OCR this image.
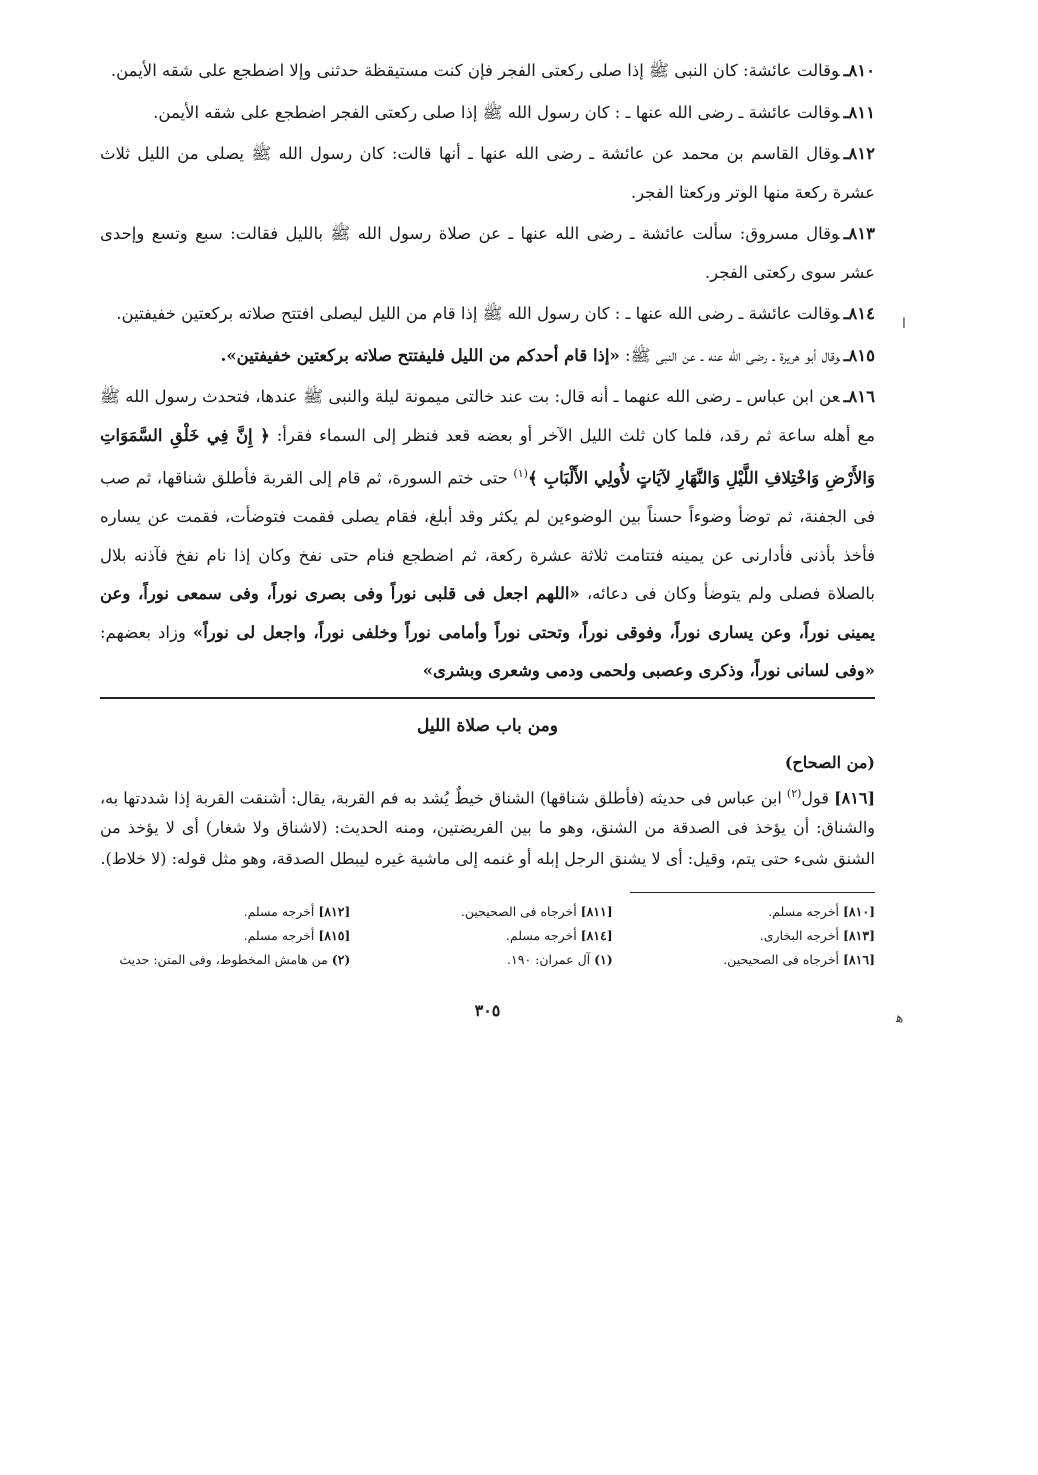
٨١٠ـوقالت عائشة: كان النبى ﷺ إذا صلى ركعتى الفجر فإن كنت مستيقظة حدثنى وإلا اضطجع على شقه الأيمن.

٨١١ـوقالت عائشة ـ رضى الله عنها ـ : كان رسول الله ﷺ إذا صلى ركعتى الفجر اضطجع على شقه الأيمن.

٨١٢ـوقال القاسم بن محمد عن عائشة ـ رضى الله عنها ـ أنها قالت: كان رسول الله ﷺ يصلى من الليل ثلاث عشرة ركعة منها الوتر وركعتا الفجر.

٨١٣ـوقال مسروق: سألت عائشة ـ رضى الله عنها ـ عن صلاة رسول الله ﷺ بالليل فقالت: سبع وتسع وإحدى عشر سوى ركعتى الفجر.

٨١٤ـوقالت عائشة ـ رضى الله عنها ـ : كان رسول الله ﷺ إذا قام من الليل ليصلى افتتح صلاته بركعتين خفيفتين.

٨١٥ـوقال أبو هريرة ـ رضى الله عنه ـ عن النبى ﷺ: «إذا قام أحدكم من الليل فليفتتح صلاته بركعتين خفيفتين».

٨١٦ـعن ابن عباس ـ رضى الله عنهما ـ أنه قال: بت عند خالتى ميمونة ليلة والنبى ﷺ عندها، فتحدث رسول الله ﷺ مع أهله ساعة ثم رقد، فلما كان ثلث الليل الآخر أو بعضه قعد فنظر إلى السماء فقرأ: ﴿ إِنَّ فِي خَلْقِ السَّمَوَاتِ وَالأَرْضِ وَاخْتِلافِ اللَّيْلِ وَالنَّهَارِ لآيَاتٍ لأُولِي الأَلْبَابِ ﴾$^{(١)}$ حتى ختم السورة، ثم قام إلى القربة فأطلق شناقها، ثم صب فى الجفنة، ثم توضأ وضوءاً حسناً بين الوضوءين لم يكثر وقد أبلغ، فقام يصلى فقمت فتوضأت، فقمت عن يساره فأخذ بأذنى فأدارنى عن يمينه فتتامت ثلاثة عشرة ركعة، ثم اضطجع فنام حتى نفخ وكان إذا نام نفخ فآذنه بلال بالصلاة فصلى ولم يتوضأ وكان فى دعائه، «اللهم اجعل فى قلبى نوراً وفى بصرى نوراً، وفى سمعى نوراً، وعن يمينى نوراً، وعن يسارى نوراً، وفوقى نوراً، وتحتى نوراً وأمامى نوراً وخلفى نوراً، واجعل لى نوراً» وزاد بعضهم: «وفى لسانى نوراً، وذكرى وعصبى ولحمى ودمى وشعرى وبشرى»

ومن باب صلاة الليل
(من الصحاح)

[٨١٦] قول$^{(٢)}$ ابن عباس فى حديثه (فأطلق شناقها) الشناق خيطٌ يُشد به فم القربة، يقال: أشنقت القربة إذا شددتها به، والشناق: أن يؤخذ فى الصدقة من الشنق، وهو ما بين الفريضتين، ومنه الحديث: (لاشناق ولا شغار) أى لا يؤخذ من الشنق شىء حتى يتم، وقيل: أى لا يشنق الرجل إبله أو غنمه إلى ماشية غيره ليبطل الصدقة، وهو مثل قوله: (لا خلاط).

[٨١٠] أخرجه مسلم.
[٨١١] أخرجاه فى الصحيحين.
[٨١٢] أخرجه مسلم.
[٨١٣] أخرجه البخارى.
[٨١٤] أخرجه مسلم.
[٨١٥] أخرجه مسلم.
[٨١٦] أخرجاه فى الصحيحين.
(١) آل عمران: ١٩٠.
(٢) من هامش المخطوط، وفى المتن: حديث
٣٠٥	ﻫ
ا
